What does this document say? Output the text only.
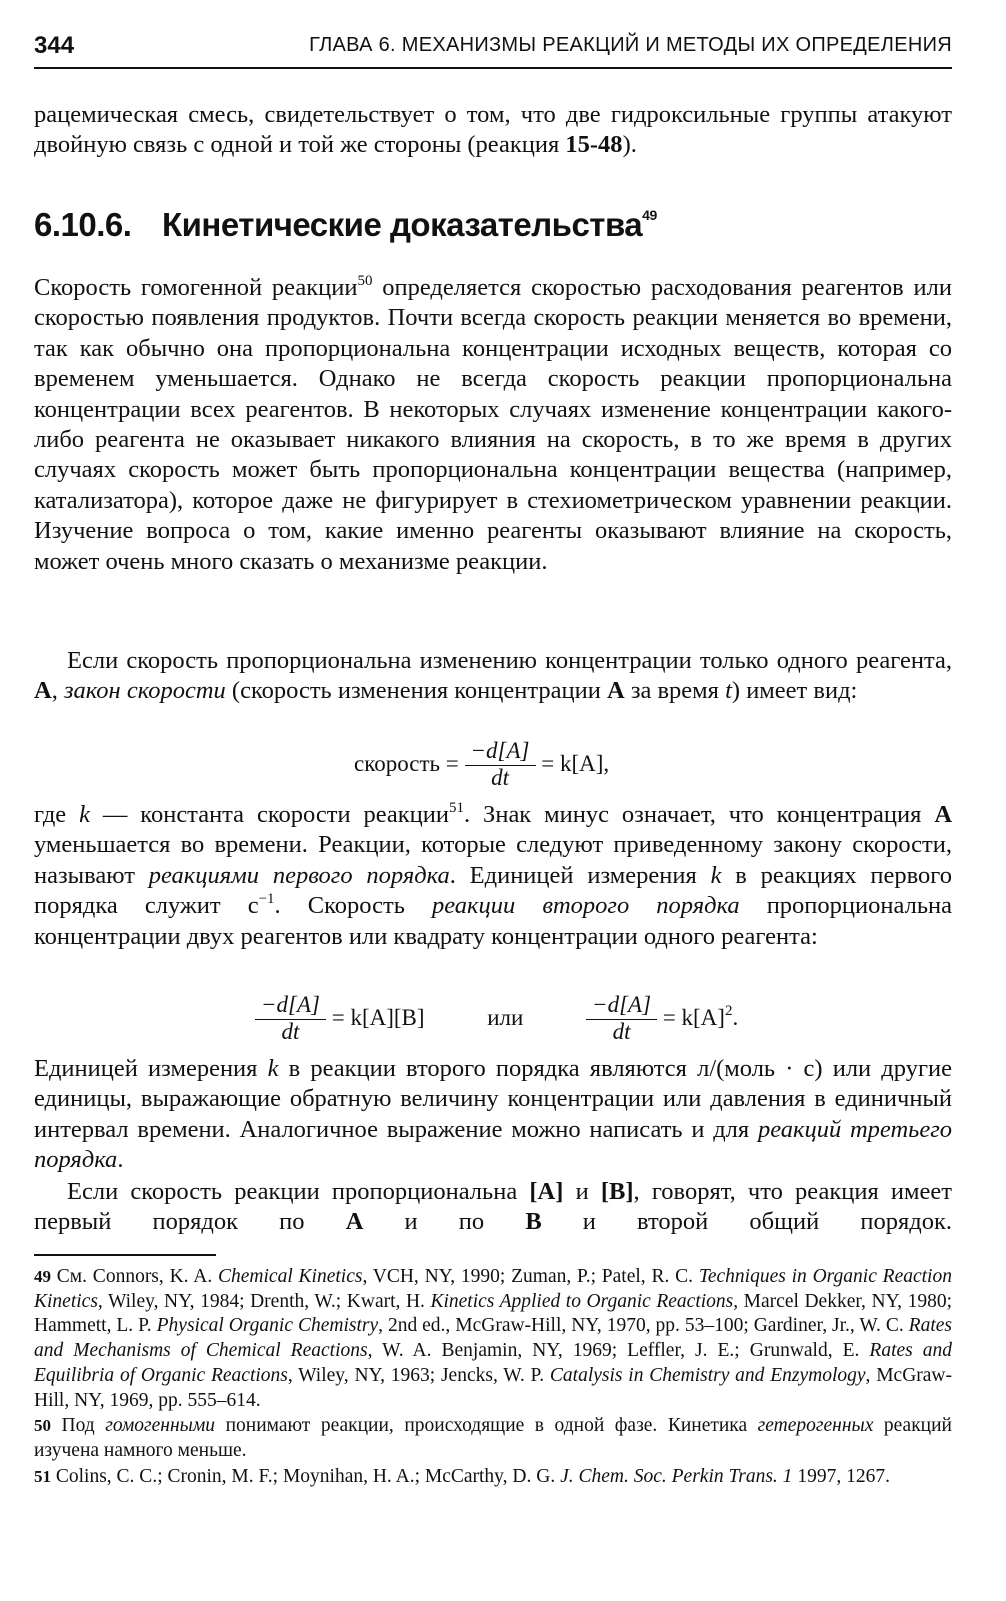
344	ГЛАВА 6. МЕХАНИЗМЫ РЕАКЦИЙ И МЕТОДЫ ИХ ОПРЕДЕЛЕНИЯ

рацемическая смесь, свидетельствует о том, что две гидроксильные группы атакуют двойную связь с одной и той же стороны (реакция 15-48).

6.10.6. Кинетические доказательства$^{49}$

Скорость гомогенной реакции$^{50}$ определяется скоростью расходования реагентов или скоростью появления продуктов. Почти всегда скорость реакции меняется во времени, так как обычно она пропорциональна концентрации исходных веществ, которая со временем уменьшается. Однако не всегда скорость реакции пропорциональна концентрации всех реагентов. В некоторых случаях изменение концентрации какого-либо реагента не оказывает никакого влияния на скорость, в то же время в других случаях скорость может быть пропорциональна концентрации вещества (например, катализатора), которое даже не фигурирует в стехиометрическом уравнении реакции. Изучение вопроса о том, какие именно реагенты оказывают влияние на скорость, может очень много сказать о механизме реакции.

Если скорость пропорциональна изменению концентрации только одного реагента, A, закон скорости (скорость изменения концентрации A за время t) имеет вид:

скорость = $\frac{-d[A]}{dt} = k[A]$,

где k — константа скорости реакции$^{51}$. Знак минус означает, что концентрация A уменьшается во времени. Реакции, которые следуют приведенному закону скорости, называют реакциями первого порядка. Единицей измерения k в реакциях первого порядка служит $с^{-1}$. Скорость реакции второго порядка пропорциональна концентрации двух реагентов или квадрату концентрации одного реагента:

$\frac{-d[A]}{dt} = k[A][B]$	или	$\frac{-d[A]}{dt} = k[A]^2$.

Единицей измерения k в реакции второго порядка являются л/(моль · с) или другие единицы, выражающие обратную величину концентрации или давления в единичный интервал времени. Аналогичное выражение можно написать и для реакций третьего порядка.

Если скорость реакции пропорциональна [A] и [B], говорят, что реакция имеет первый порядок по A и по B и второй общий порядок.

49 См. Connors, K. A. Chemical Kinetics, VCH, NY, 1990; Zuman, P.; Patel, R. C. Techniques in Organic Reaction Kinetics, Wiley, NY, 1984; Drenth, W.; Kwart, H. Kinetics Applied to Organic Reactions, Marcel Dekker, NY, 1980; Hammett, L. P. Physical Organic Chemistry, 2nd ed., McGraw-Hill, NY, 1970, pp. 53–100; Gardiner, Jr., W. C. Rates and Mechanisms of Chemical Reactions, W. A. Benjamin, NY, 1969; Leffler, J. E.; Grunwald, E. Rates and Equilibria of Organic Reactions, Wiley, NY, 1963; Jencks, W. P. Catalysis in Chemistry and Enzymology, McGraw-Hill, NY, 1969, pp. 555–614.

50 Под гомогенными понимают реакции, происходящие в одной фазе. Кинетика гетерогенных реакций изучена намного меньше.

51 Colins, C. C.; Cronin, M. F.; Moynihan, H. A.; McCarthy, D. G. J. Chem. Soc. Perkin Trans. 1 1997, 1267.
